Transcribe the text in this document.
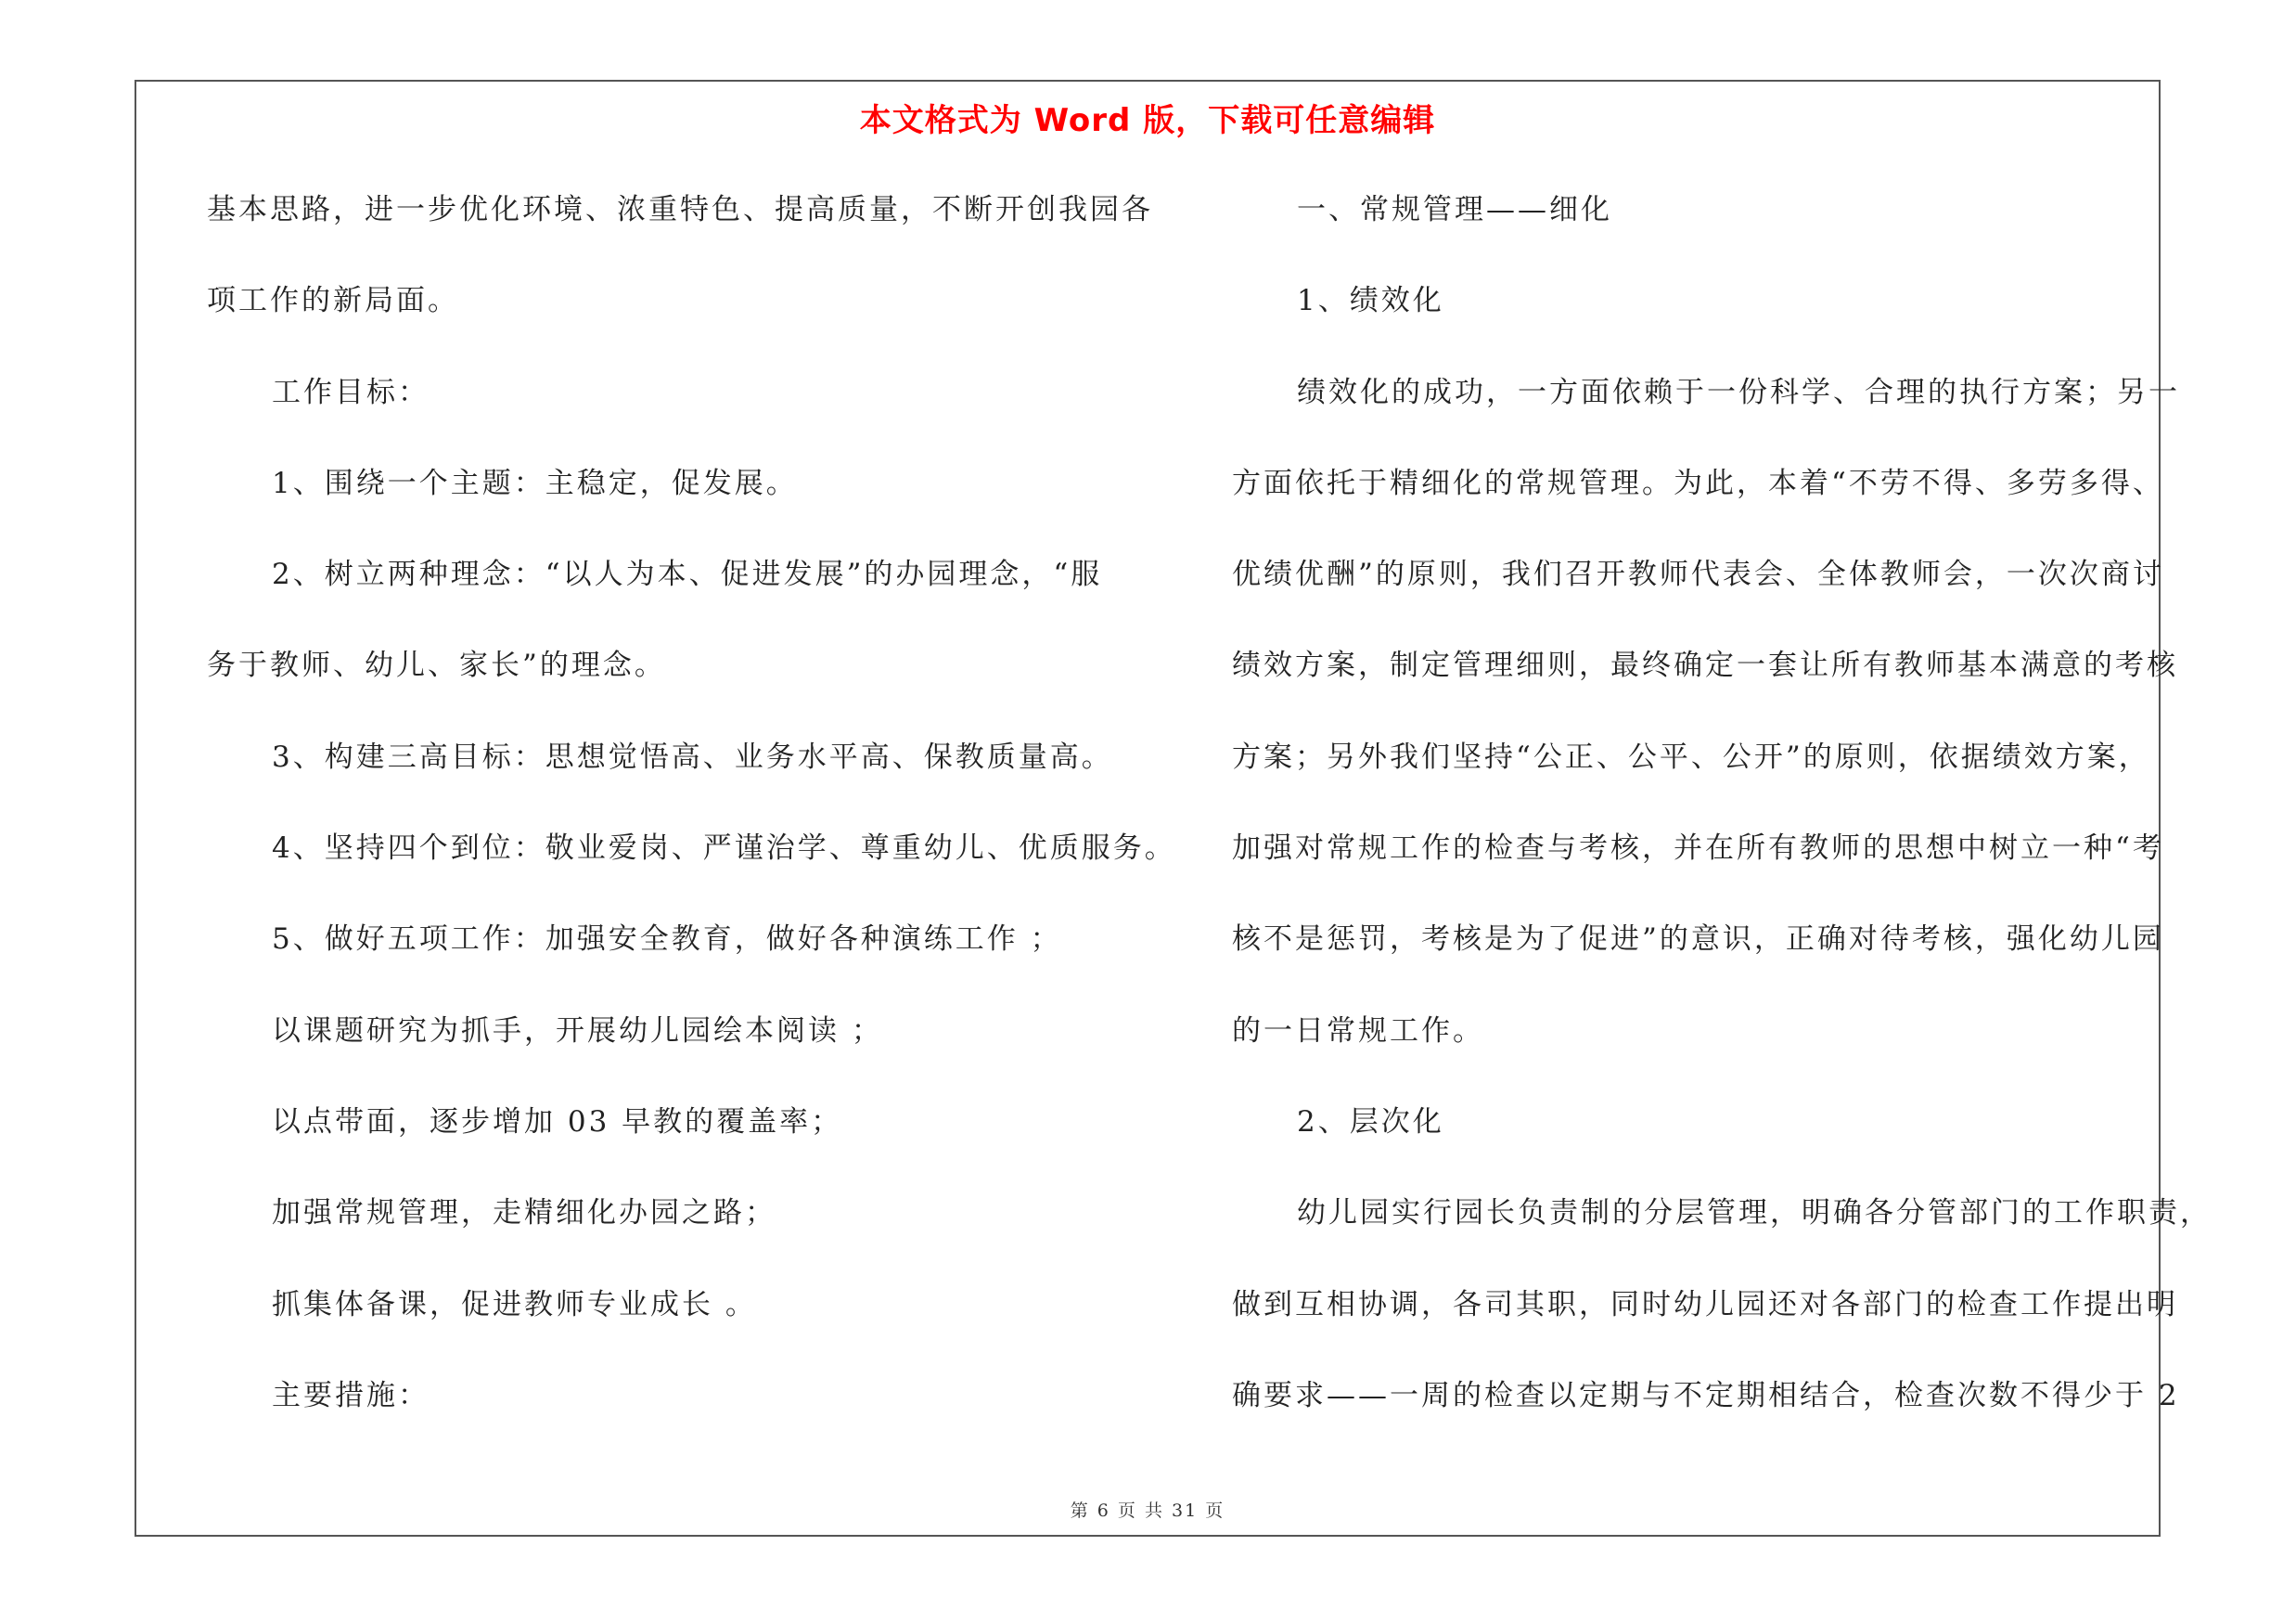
本文格式为 Word 版，下载可任意编辑
基本思路，进一步优化环境、浓重特色、提高质量，不断开创我园各
项工作的新局面。
工作目标：
1、围绕一个主题：主稳定，促发展。
2、树立两种理念：“以人为本、促进发展”的办园理念，“服
务于教师、幼儿、家长”的理念。
3、构建三高目标：思想觉悟高、业务水平高、保教质量高。
4、坚持四个到位：敬业爱岗、严谨治学、尊重幼儿、优质服务。
5、做好五项工作：加强安全教育，做好各种演练工作 ；
以课题研究为抓手，开展幼儿园绘本阅读 ；
以点带面，逐步增加 03 早教的覆盖率；
加强常规管理，走精细化办园之路；
抓集体备课，促进教师专业成长 。
主要措施：
一、常规管理——细化
1、绩效化
绩效化的成功，一方面依赖于一份科学、合理的执行方案；另一
方面依托于精细化的常规管理。为此，本着“不劳不得、多劳多得、
优绩优酬”的原则，我们召开教师代表会、全体教师会，一次次商讨
绩效方案，制定管理细则，最终确定一套让所有教师基本满意的考核
方案；另外我们坚持“公正、公平、公开”的原则，依据绩效方案，
加强对常规工作的检查与考核，并在所有教师的思想中树立一种“考
核不是惩罚，考核是为了促进”的意识，正确对待考核，强化幼儿园
的一日常规工作。
2、层次化
幼儿园实行园长负责制的分层管理，明确各分管部门的工作职责，
做到互相协调，各司其职，同时幼儿园还对各部门的检查工作提出明
确要求——一周的检查以定期与不定期相结合，检查次数不得少于 2
第 6 页 共 31 页
